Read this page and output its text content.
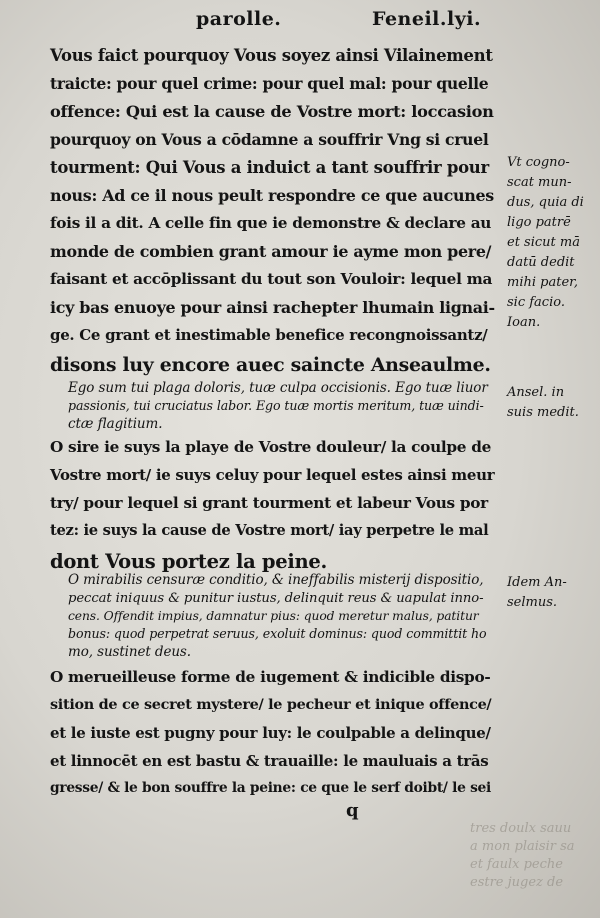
parolle.	Feneil.lyi.
Vous faict pourquoy Vous soyez ainsi Vilainement
traicte: pour quel crime: pour quel mal: pour quelle
offence: Qui est la cause de Vostre mort: loccasion
pourquoy on Vous a cōdamne a souffrir Vng si cruel
tourment: Qui Vous a induict a tant souffrir pour
nous: Ad ce il nous peult respondre ce que aucunes
fois il a dit. A celle fin que ie demonstre & declare au
monde de combien grant amour ie ayme mon pere/
faisant et accōplissant du tout son Vouloir: lequel ma
icy bas enuoye pour ainsi rachepter lhumain lignai-
ge. Ce grant et inestimable benefice recongnoissantz/
disons luy encore auec saincte Anseaulme.
Ego sum tui plaga doloris, tuæ culpa occisionis. Ego tuæ liuor
passionis, tui cruciatus labor. Ego tuæ mortis meritum, tuæ uindi-
ctæ flagitium.
O sire ie suys la playe de Vostre douleur/ la coulpe de
Vostre mort/ ie suys celuy pour lequel estes ainsi meur
try/ pour lequel si grant tourment et labeur Vous por
tez: ie suys la cause de Vostre mort/ iay perpetre le mal
dont Vous portez la peine.
O mirabilis censuræ conditio, & ineffabilis misterij dispositio,
peccat iniquus & punitur iustus, delinquit reus & uapulat inno-
cens. Offendit impius, damnatur pius: quod meretur malus, patitur
bonus: quod perpetrat seruus, exoluit dominus: quod committit ho
mo, sustinet deus.
O merueilleuse forme de iugement & indicible dispo-
sition de ce secret mystere/ le pecheur et inique offence/
et le iuste est pugny pour luy: le coulpable a delinque/
et linnocēt en est bastu & trauaille: le mauluais a trās
gresse/ & le bon souffre la peine: ce que le serf doibt/ le sei
q
Vt cogno-
scat mun-
dus, quia di
ligo patrē
et sicut mā
datū dedit
mihi pater,
sic facio.
Ioan.
Ansel. in
suis medit.
Idem An-
selmus.
tres doulx sauu
a mon plaisir sa
et faulx peche
estre jugez de
